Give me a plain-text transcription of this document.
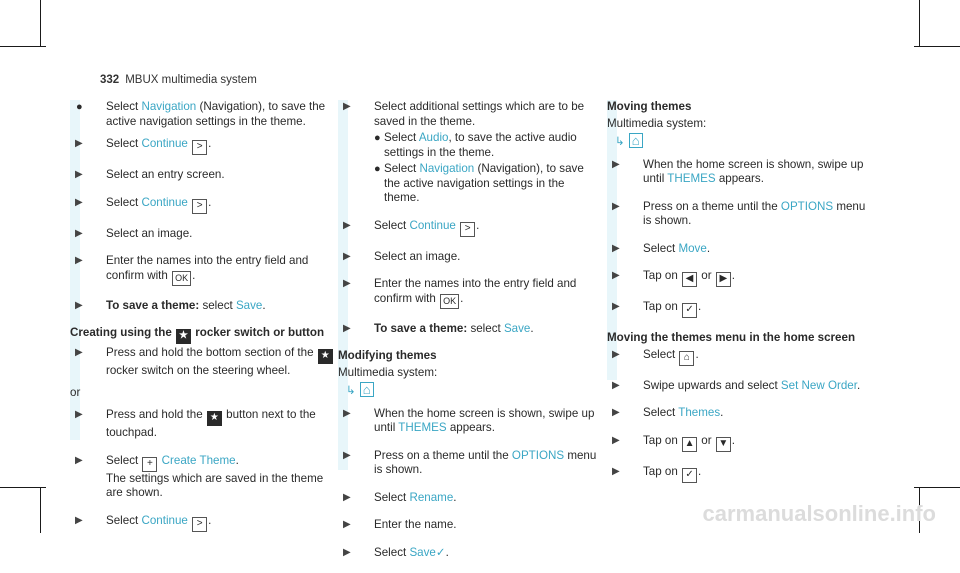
332 MBUX multimedia system
● Select Navigation (Navigation), to save the active navigation settings in the theme.
▶ Select Continue > .
▶ Select an entry screen.
▶ Select Continue > .
▶ Select an image.
▶ Enter the names into the entry field and confirm with OK .
▶ To save a theme: select Save.
Creating using the ★ rocker switch or button
▶ Press and hold the bottom section of the ★ rocker switch on the steering wheel.
or
▶ Press and hold the ★ button next to the touchpad.
▶ Select + Create Theme.
The settings which are saved in the theme are shown.
▶ Select Continue > .
▶ Select additional settings which are to be saved in the theme.
● Select Audio, to save the active audio settings in the theme.
● Select Navigation (Navigation), to save the active navigation settings in the theme.
▶ Select Continue > .
▶ Select an image.
▶ Enter the names into the entry field and confirm with OK .
▶ To save a theme: select Save.
Modifying themes
Multimedia system:
↳ ⌂
▶ When the home screen is shown, swipe up until THEMES appears.
▶ Press on a theme until the OPTIONS menu is shown.
▶ Select Rename.
▶ Enter the name.
▶ Select Save✓.
Moving themes
Multimedia system:
↳ ⌂
▶ When the home screen is shown, swipe up until THEMES appears.
▶ Press on a theme until the OPTIONS menu is shown.
▶ Select Move.
▶ Tap on ◀ or ▶ .
▶ Tap on ✓ .
Moving the themes menu in the home screen
▶ Select ⌂ .
▶ Swipe upwards and select Set New Order.
▶ Select Themes.
▶ Tap on ▲ or ▼ .
▶ Tap on ✓ .
carmanualsonline.info
